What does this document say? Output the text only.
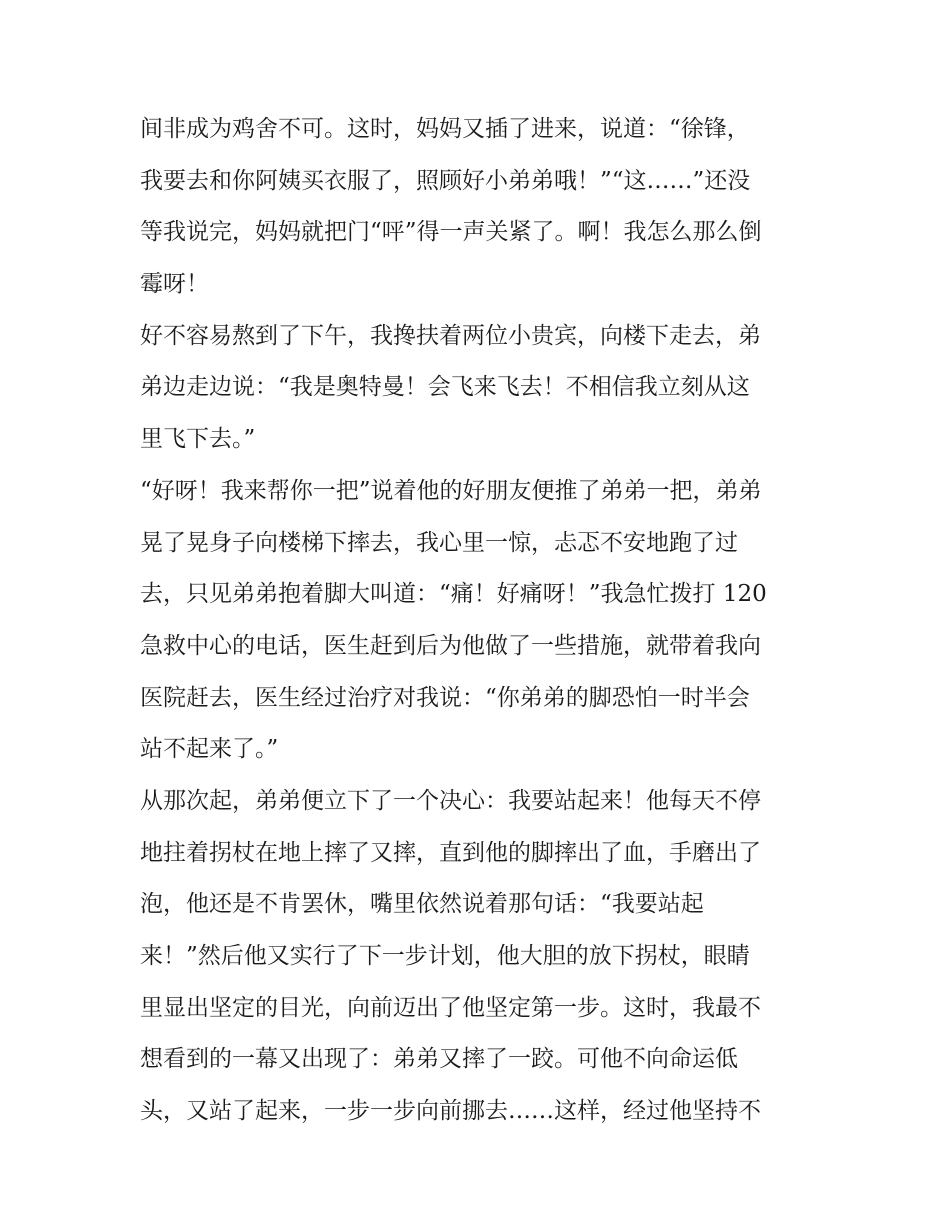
间非成为鸡舍不可。这时，妈妈又插了进来，说道：“徐锋，
我要去和你阿姨买衣服了，照顾好小弟弟哦！”“这……”还没
等我说完，妈妈就把门“呯”得一声关紧了。啊！我怎么那么倒
霉呀！
好不容易熬到了下午，我搀扶着两位小贵宾，向楼下走去，弟
弟边走边说：“我是奥特曼！会飞来飞去！不相信我立刻从这
里飞下去。”
“好呀！我来帮你一把”说着他的好朋友便推了弟弟一把，弟弟
晃了晃身子向楼梯下摔去，我心里一惊，忐忑不安地跑了过
去，只见弟弟抱着脚大叫道：“痛！好痛呀！”我急忙拨打 120
急救中心的电话，医生赶到后为他做了一些措施，就带着我向
医院赶去，医生经过治疗对我说：“你弟弟的脚恐怕一时半会
站不起来了。”
从那次起，弟弟便立下了一个决心：我要站起来！他每天不停
地拄着拐杖在地上摔了又摔，直到他的脚摔出了血，手磨出了
泡，他还是不肯罢休，嘴里依然说着那句话：“我要站起
来！”然后他又实行了下一步计划，他大胆的放下拐杖，眼睛
里显出坚定的目光，向前迈出了他坚定第一步。这时，我最不
想看到的一幕又出现了：弟弟又摔了一跤。可他不向命运低
头，又站了起来，一步一步向前挪去……这样，经过他坚持不
